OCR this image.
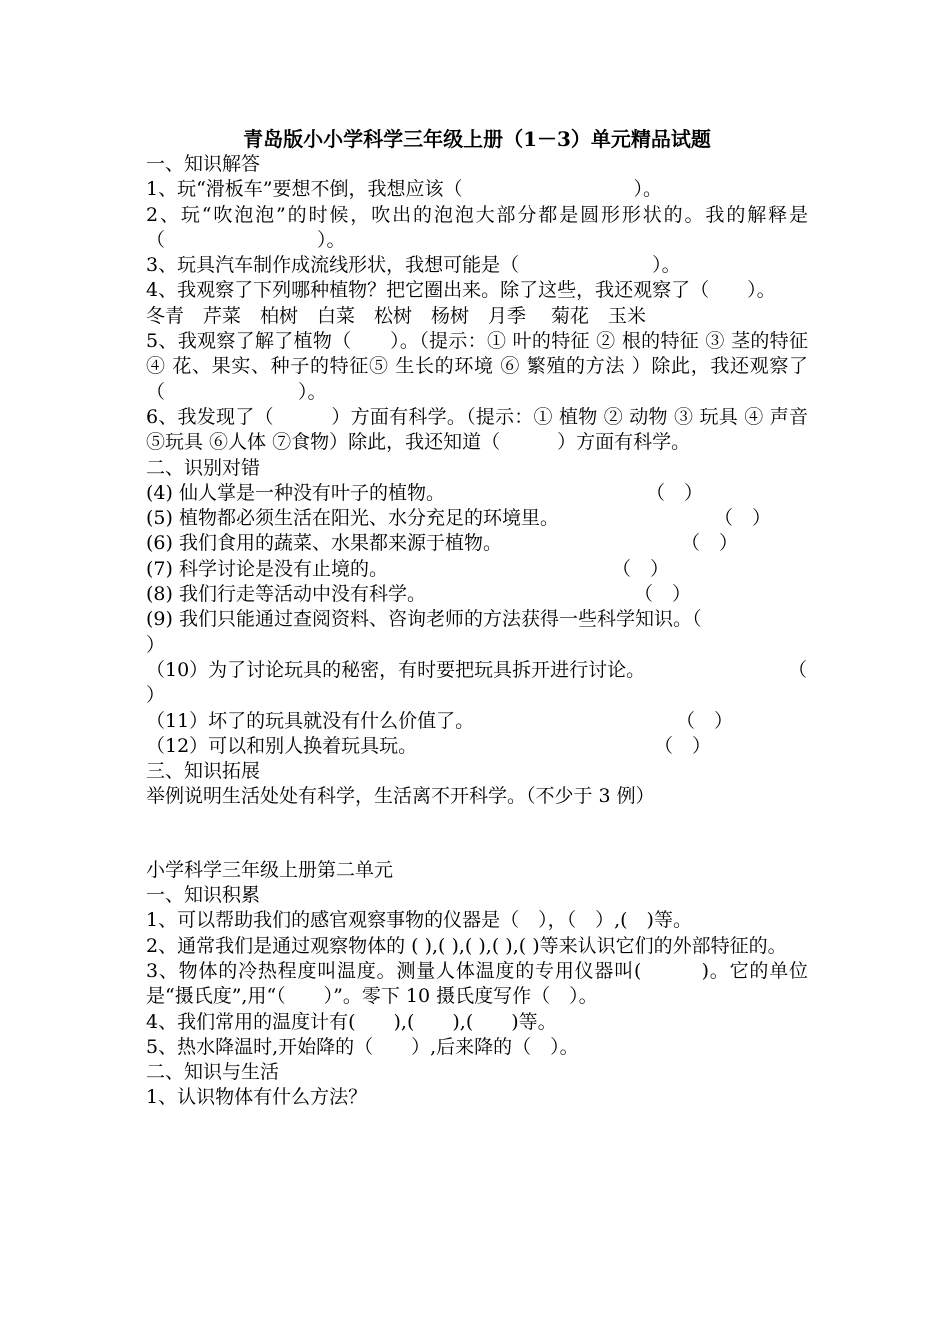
青岛版小小学科学三年级上册（1－3）单元精品试题

一、知识解答

1、玩“滑板车”要想不倒，我想应该（　　　　　　　　　）。

2、玩“吹泡泡”的时候，吹出的泡泡大部分都是圆形形状的。我的解释是（　　　　　　　　）。

3、玩具汽车制作成流线形状，我想可能是（　　　　　　　）。

4、我观察了下列哪种植物？把它圈出来。除了这些，我还观察了（　　）。

冬青　芹菜　柏树　白菜　松树　杨树　月季　 菊花　玉米

5、我观察了解了植物（　　）。（提示：① 叶的特征 ② 根的特征 ③ 茎的特征 ④ 花、果实、种子的特征⑤ 生长的环境 ⑥ 繁殖的方法 ）除此，我还观察了（　　　　　　　）。

6、我发现了（　　　）方面有科学。（提示：① 植物 ② 动物 ③ 玩具 ④ 声音 ⑤玩具 ⑥人体 ⑦食物）除此，我还知道（　　　）方面有科学。

二、识别对错

(4) 仙人掌是一种没有叶子的植物。	（　）

(5) 植物都必须生活在阳光、水分充足的环境里。	（　）

(6) 我们食用的蔬菜、水果都来源于植物。	（　）

(7) 科学讨论是没有止境的。	（　）

(8) 我们行走等活动中没有科学。	（　）

(9) 我们只能通过查阅资料、咨询老师的方法获得一些科学知识。（

）

（10）为了讨论玩具的秘密，有时要把玩具拆开进行讨论。	（

）

（11）坏了的玩具就没有什么价值了。	（　）

（12）可以和别人换着玩具玩。	（　）

三、知识拓展

举例说明生活处处有科学，生活离不开科学。（不少于 3 例）

小学科学三年级上册第二单元

一、知识积累

1、可以帮助我们的感官观察事物的仪器是（　），（　）,(　)等。

2、通常我们是通过观察物体的 ( ),( ),( ),( ),( )等来认识它们的外部特征的。

3、物体的冷热程度叫温度。测量人体温度的专用仪器叫(　　　)。它的单位是“摄氏度”,用“（　　）”。零下 10 摄氏度写作（　）。

4、我们常用的温度计有(　　),(　　),(　　)等。

5、热水降温时,开始降的（　　）,后来降的（　）。

二、知识与生活

1、认识物体有什么方法？
